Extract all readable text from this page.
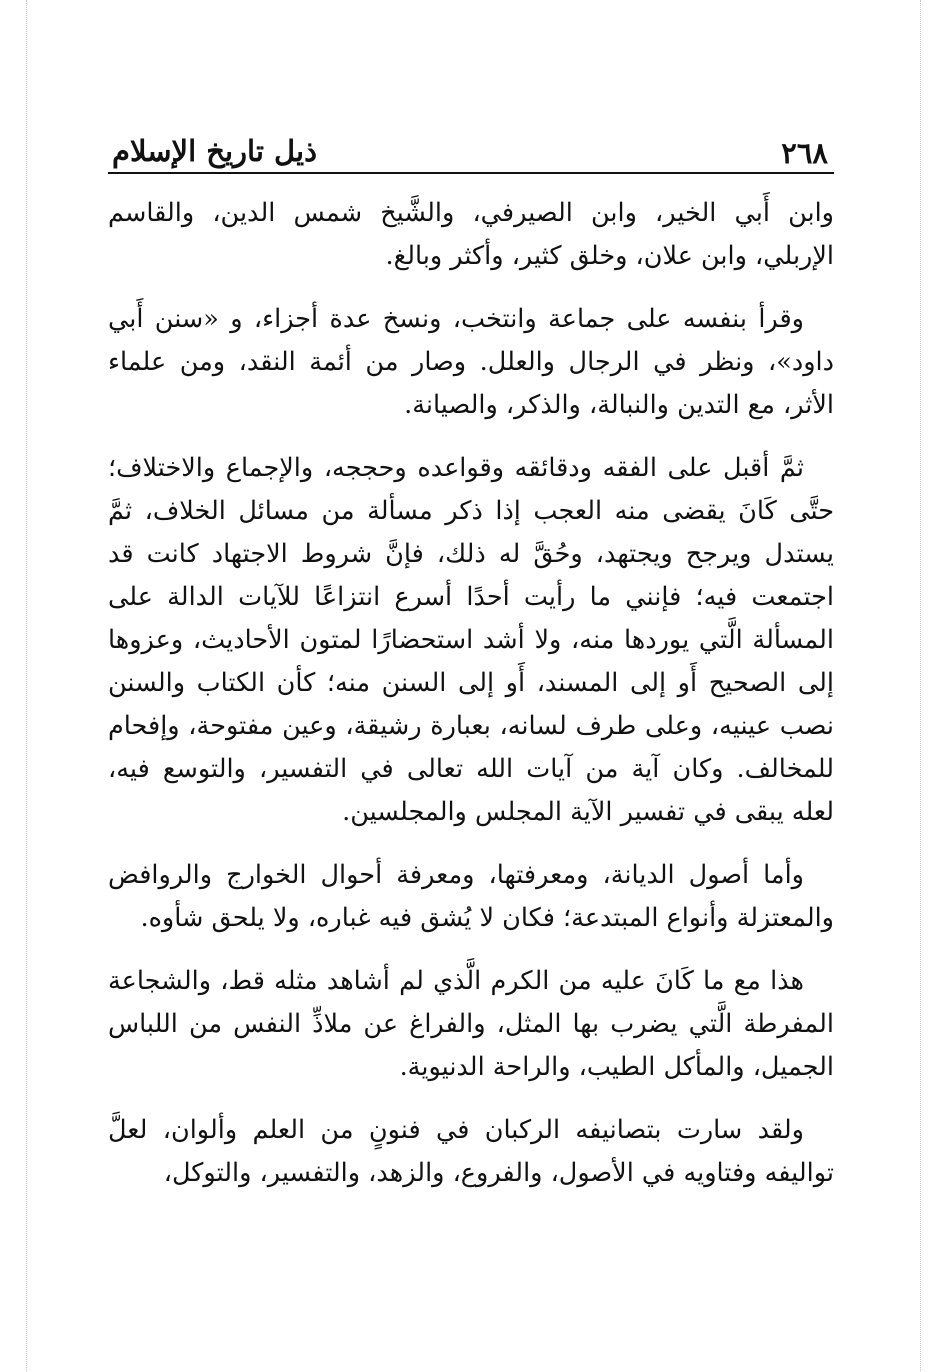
٢٦٨
ذيل تاريخ الإسلام

وابن أَبي الخير، وابن الصيرفي، والشَّيخ شمس الدين، والقاسم الإربلي، وابن علان، وخلق كثير، وأكثر وبالغ.

وقرأ بنفسه على جماعة وانتخب، ونسخ عدة أجزاء، و «سنن أَبي داود»، ونظر في الرجال والعلل. وصار من أئمة النقد، ومن علماء الأثر، مع التدين والنبالة، والذكر، والصيانة.

ثمَّ أقبل على الفقه ودقائقه وقواعده وحججه، والإجماع والاختلاف؛ حتَّى كَانَ يقضى منه العجب إذا ذكر مسألة من مسائل الخلاف، ثمَّ يستدل ويرجح ويجتهد، وحُقَّ له ذلك، فإنَّ شروط الاجتهاد كانت قد اجتمعت فيه؛ فإنني ما رأيت أحدًا أسرع انتزاعًا للآيات الدالة على المسألة الَّتي يوردها منه، ولا أشد استحضارًا لمتون الأحاديث، وعزوها إلى الصحيح أَو إلى المسند، أَو إلى السنن منه؛ كأن الكتاب والسنن نصب عينيه، وعلى طرف لسانه، بعبارة رشيقة، وعين مفتوحة، وإفحام للمخالف. وكان آية من آيات الله تعالى في التفسير، والتوسع فيه، لعله يبقى في تفسير الآية المجلس والمجلسين.

وأما أصول الديانة، ومعرفتها، ومعرفة أحوال الخوارج والروافض والمعتزلة وأنواع المبتدعة؛ فكان لا يُشق فيه غباره، ولا يلحق شأوه.

هذا مع ما كَانَ عليه من الكرم الَّذي لم أشاهد مثله قط، والشجاعة المفرطة الَّتي يضرب بها المثل، والفراغ عن ملاذِّ النفس من اللباس الجميل، والمأكل الطيب، والراحة الدنيوية.

ولقد سارت بتصانيفه الركبان في فنونٍ من العلم وألوان، لعلَّ تواليفه وفتاويه في الأصول، والفروع، والزهد، والتفسير، والتوكل،
